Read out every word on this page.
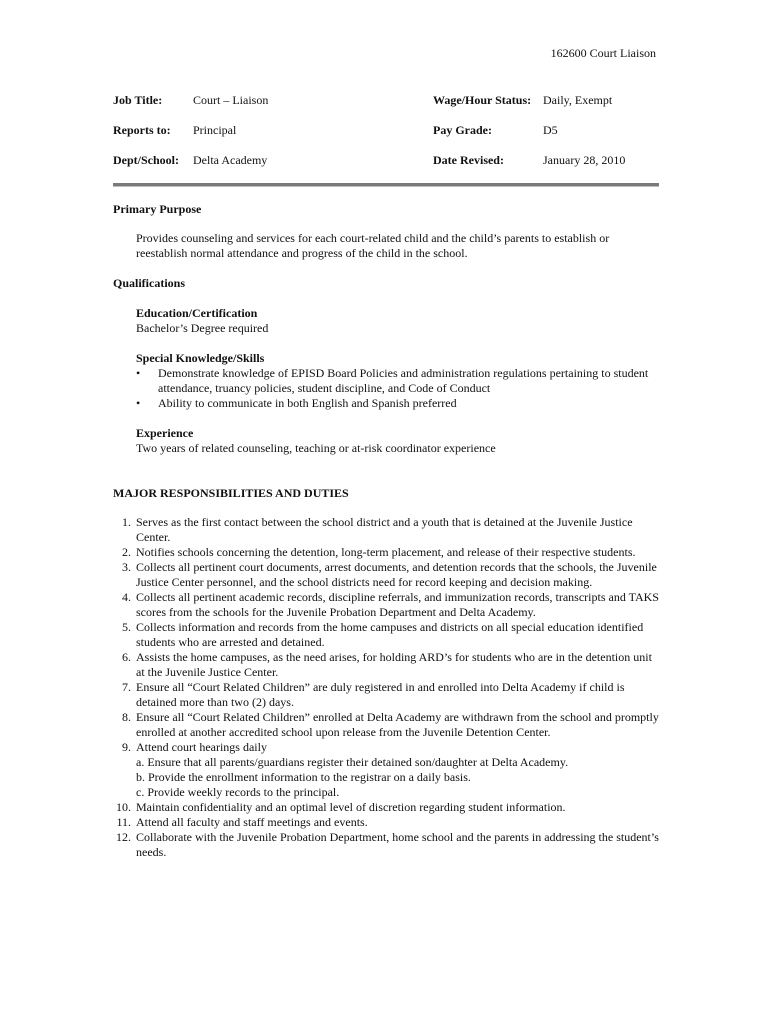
162600 Court Liaison
Job Title:	Court – Liaison	Wage/Hour Status: Daily, Exempt
Reports to: Principal	Pay Grade:	D5
Dept/School: Delta Academy	Date Revised:	January 28, 2010

Primary Purpose

Provides counseling and services for each court-related child and the child’s parents to establish or reestablish normal attendance and progress of the child in the school.

Qualifications

Education/Certification

Bachelor’s Degree required

Special Knowledge/Skills

• Demonstrate knowledge of EPISD Board Policies and administration regulations pertaining to student attendance, truancy policies, student discipline, and Code of Conduct
• Ability to communicate in both English and Spanish preferred

Experience

Two years of related counseling, teaching or at-risk coordinator experience

MAJOR RESPONSIBILITIES AND DUTIES

1. Serves as the first contact between the school district and a youth that is detained at the Juvenile Justice Center.
2. Notifies schools concerning the detention, long-term placement, and release of their respective students.
3. Collects all pertinent court documents, arrest documents, and detention records that the schools, the Juvenile Justice Center personnel, and the school districts need for record keeping and decision making.
4. Collects all pertinent academic records, discipline referrals, and immunization records, transcripts and TAKS scores from the schools for the Juvenile Probation Department and Delta Academy.
5. Collects information and records from the home campuses and districts on all special education identified students who are arrested and detained.
6. Assists the home campuses, as the need arises, for holding ARD’s for students who are in the detention unit at the Juvenile Justice Center.
7. Ensure all “Court Related Children” are duly registered in and enrolled into Delta Academy if child is detained more than two (2) days.
8. Ensure all “Court Related Children” enrolled at Delta Academy are withdrawn from the school and promptly enrolled at another accredited school upon release from the Juvenile Detention Center.
9. Attend court hearings daily
a. Ensure that all parents/guardians register their detained son/daughter at Delta Academy.
b. Provide the enrollment information to the registrar on a daily basis.
c. Provide weekly records to the principal.
10. Maintain confidentiality and an optimal level of discretion regarding student information.
11. Attend all faculty and staff meetings and events.
12. Collaborate with the Juvenile Probation Department, home school and the parents in addressing the student’s needs.
